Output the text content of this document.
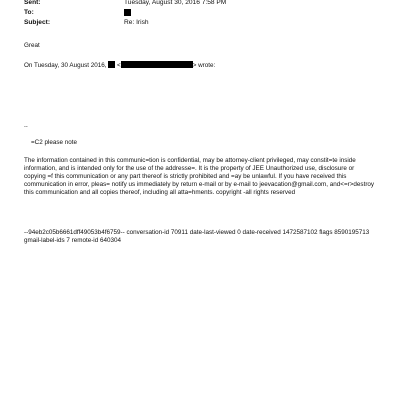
Sent:	Tuesday, August 30, 2016 7:58 PM
To:
Subject:	Re: Irish

Great

On Tuesday, 30 August 2016, <	> wrote:

--

=C2 please note

The information contained in this communic=tion is confidential, may be attorney-client privileged, may constit=te inside information, and is intended only for the use of the addresse=. It is the property of JEE Unauthorized use, disclosure or copying =f this communication or any part thereof is strictly prohibited and =ay be unlawful. If you have received this communication in error, pleas= notify us immediately by return e-mail or by e-mail to jeevacation@gmail.com, and<=r>destroy this communication and all copies thereof, including all atta=hments. copyright -all rights reserved

--94eb2c05b6661dff49053b4f6759-- conversation-id 70911 date-last-viewed 0 date-received 1472587102 flags 8590195713 gmail-label-ids 7 remote-id 640304
